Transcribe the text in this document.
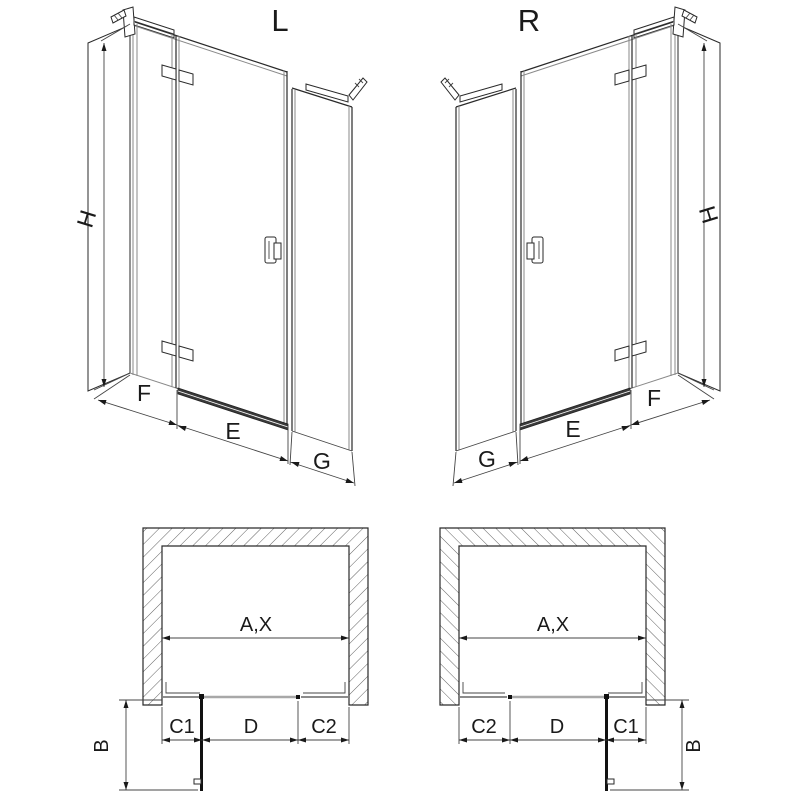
L
H
F
E
G
R
H
F
E
G
A,X
C1 D	C2
B
A,X
C2	D C1
B
